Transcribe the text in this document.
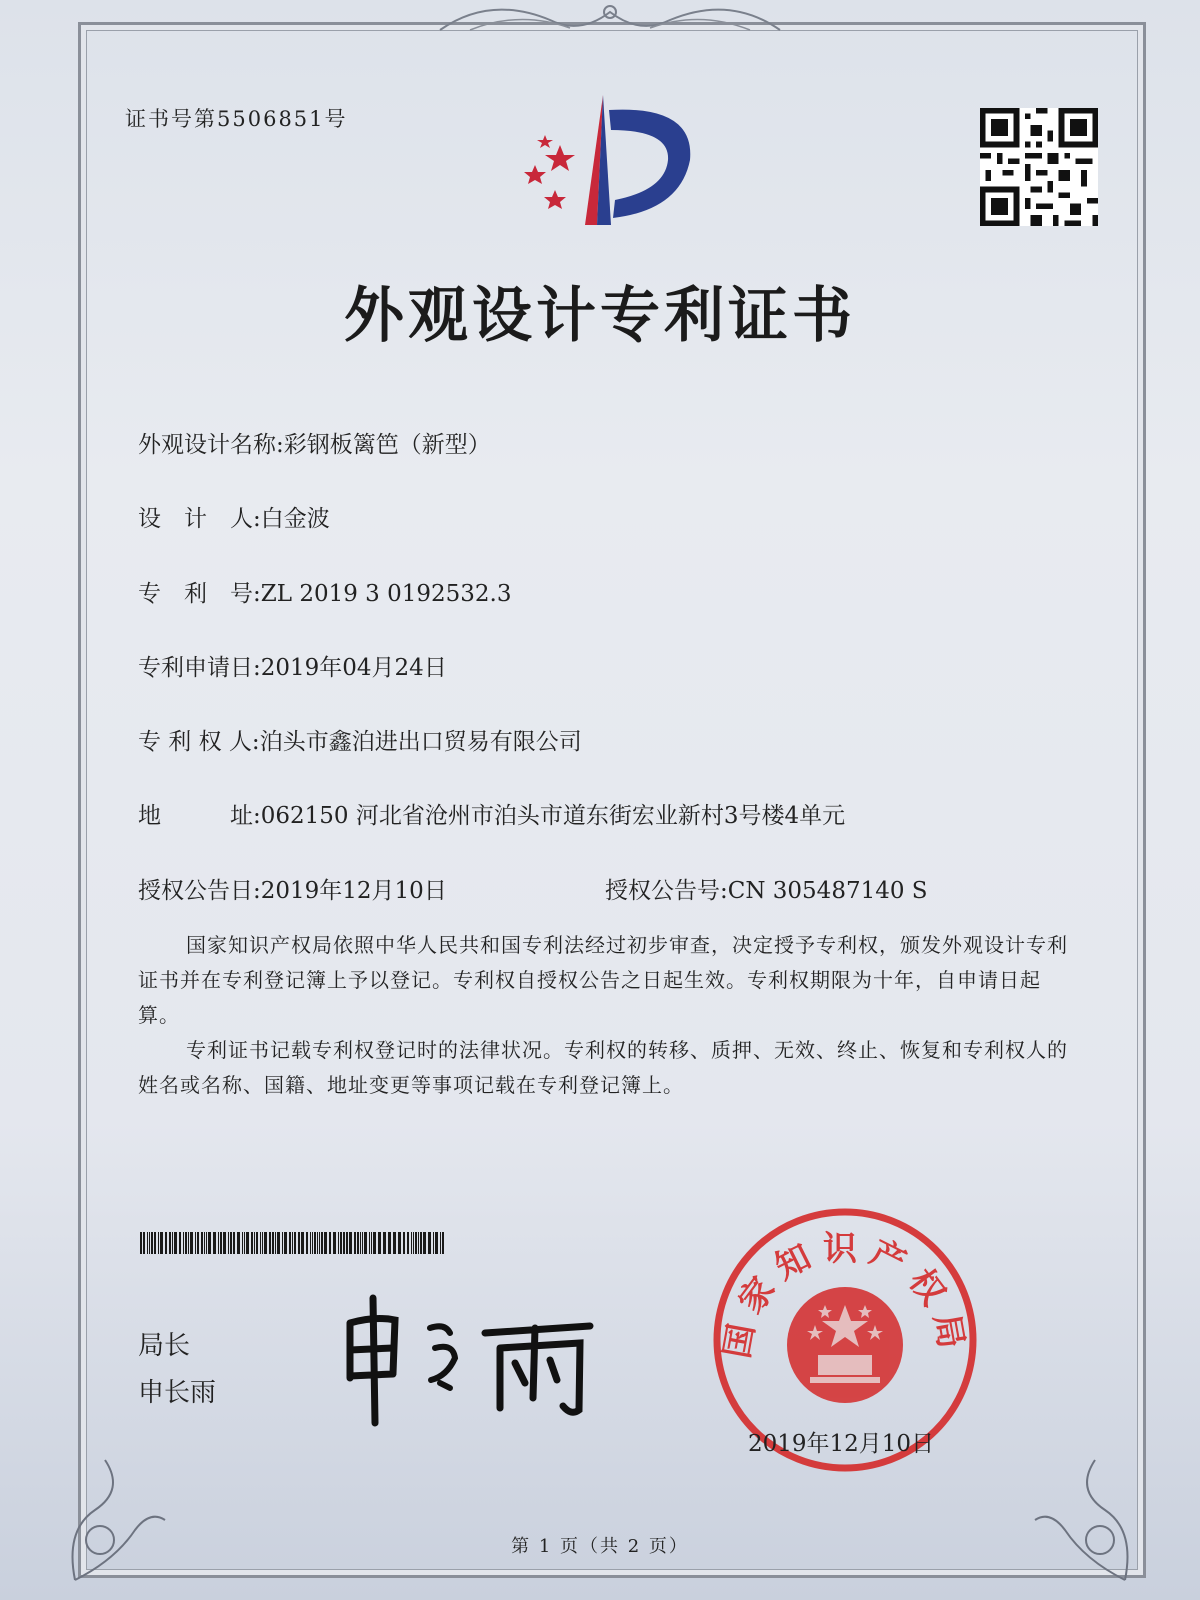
证书号第5506851号
外观设计专利证书
外观设计名称:彩钢板篱笆（新型）
设　计　人:白金波
专　利　号:ZL 2019 3 0192532.3
专利申请日:2019年04月24日
专 利 权 人:泊头市鑫泊进出口贸易有限公司
地　　　址:062150 河北省沧州市泊头市道东街宏业新村3号楼4单元
授权公告日:2019年12月10日	授权公告号:CN 305487140 S

国家知识产权局依照中华人民共和国专利法经过初步审查，决定授予专利权，颁发外观设计专利证书并在专利登记簿上予以登记。专利权自授权公告之日起生效。专利权期限为十年，自申请日起算。

专利证书记载专利权登记时的法律状况。专利权的转移、质押、无效、终止、恢复和专利权人的姓名或名称、国籍、地址变更等事项记载在专利登记簿上。

局长
申长雨
国家知识产权局
2019年12月10日
第 1 页（共 2 页）
